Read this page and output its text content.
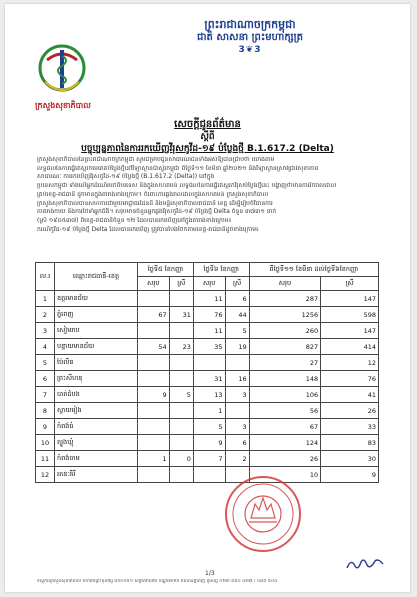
ព្រះរាជាណាចក្រកម្ពុជា

ជាតិ សាសនា ព្រះមហាក្សត្រ
3❦3
ក្រសួងសុខាភិបាល
សេចក្តីជូនព័ត៌មាន
ស្តីពី
បច្ចុប្បន្នភាពនៃការរកឃើញវីរុសកូវីដ-១៩ បំប្លែងថ្មី B.1.617.2 (Delta)
ក្រសួងសុខាភិបាលនៃព្រះរាជាណាចក្រកម្ពុជា សូមជម្រាបជូនសាធារណជនទាំងអស់ឱ្យបានជ្រាបថា យោងតាម
លទ្ធផលនៃការធ្វើតេស្តរកមេរោគបំប្លែងថ្មីនៅវិទ្យាស្ថានប៉ាស្ទ័រកម្ពុជា ពីថ្ងៃទី១១ ខែមីនា ឆ្នាំ២០២១ និងវិទ្យាស្ថានស្រាវជ្រាវសុខាភាព
សាធារណៈ ការរកឃើញវីរុសកូវីដ-១៩ បំប្លែងថ្មី (B.1.617.2 (Delta)) នៅក្នុង
ប្រទេសកម្ពុជា ទាំងលើអ្នកដំណើរមកពីបរទេស និងក្នុងសហគមន៍ លទ្ធផលនៃការធ្វើតេស្តរកវីរុសបំប្លែងថ្មីនេះ បង្ហាញថាមានការរីករាលដាល
គ្រប់ខេត្ត-រាជធានី ដូចមានក្នុងតារាងខាងក្រោម។ ចំពោះការឆ្លងរាលដាលក្នុងសហគមន៍ ក្រសួងសុខាភិបាល
ក្រសួងសុខាភិបាលបានសហការជាមួយអាជ្ញាធរដែនដី និងមន្ទីរសុខាភិបាលរាជធានី ខេត្ត ដើម្បីរៀបចំវិធានការ
ភាគរាងកាយ និងការថែទាំអ្នកជំងឺ។ សរុបមានចំនួនអ្នកឆ្លងវីរុសកូវីដ-១៩ បំប្លែងថ្មី Delta ចំនួន ៣៧៣១ នាក់
(ស្រី ១៩០៥៣៧) ពីខេត្ត-រាជធានីចំនួន ១២ ដែលបានរកឃើញនៅក្នុងតារាងខាងក្រោម៖
ករណីកូវីដ-១៩ បំប្លែងថ្មី Delta ដែលបានរកឃើញ ត្រូវបានបែងចែកតាមខេត្ត-រាជធានីដូចខាងក្រោម៖
ល.រ	ឈ្មោះរាជធានី-ខេត្ត	ថ្ងៃទី៥ ខែកញ្ញា		ថ្ងៃទី៦ ខែកញ្ញា		ពីថ្ងៃទី១១ ខែមីនា ដល់ថ្ងៃទី៦ខែកញ្ញា	
		សរុប	ស្រី	សរុប	ស្រី	សរុប	ស្រី
1	ឧត្តរមានជ័យ			11	6	287	147
2	ភ្នំពេញ	67	31	76	44	1256	598
3	សៀមរាប			11	5	260	147
4	បន្ទាយមានជ័យ	54	23	35	19	827	414
5	ប៉ៃលិន					27	12
6	ព្រះសីហនុ			31	16	148	76
7	បាត់ដំបង	9	5	13	3	106	41
8	ស្វាយរៀង			1		56	26
9	កំពង់ធំ			5	3	67	33
10	ត្បូងឃ្មុំ			9	6	124	83
11	កំពង់ចាម	1	0	7	2	26	30
12	រតនៈគិរី					10	9
1/3
ទីស្តីការក្រសួងសុខាភិបាល មហាវិថីព្រះមុនីវង្ស លេខ១៥១ សង្កាត់វាលវង់ ខណ្ឌ៧មករា រាជធានីភ្នំពេញ ទូរស័ព្ទ ០២៣ ៨៨០ ៤២៧ / ០៨៥ ៥០៤
